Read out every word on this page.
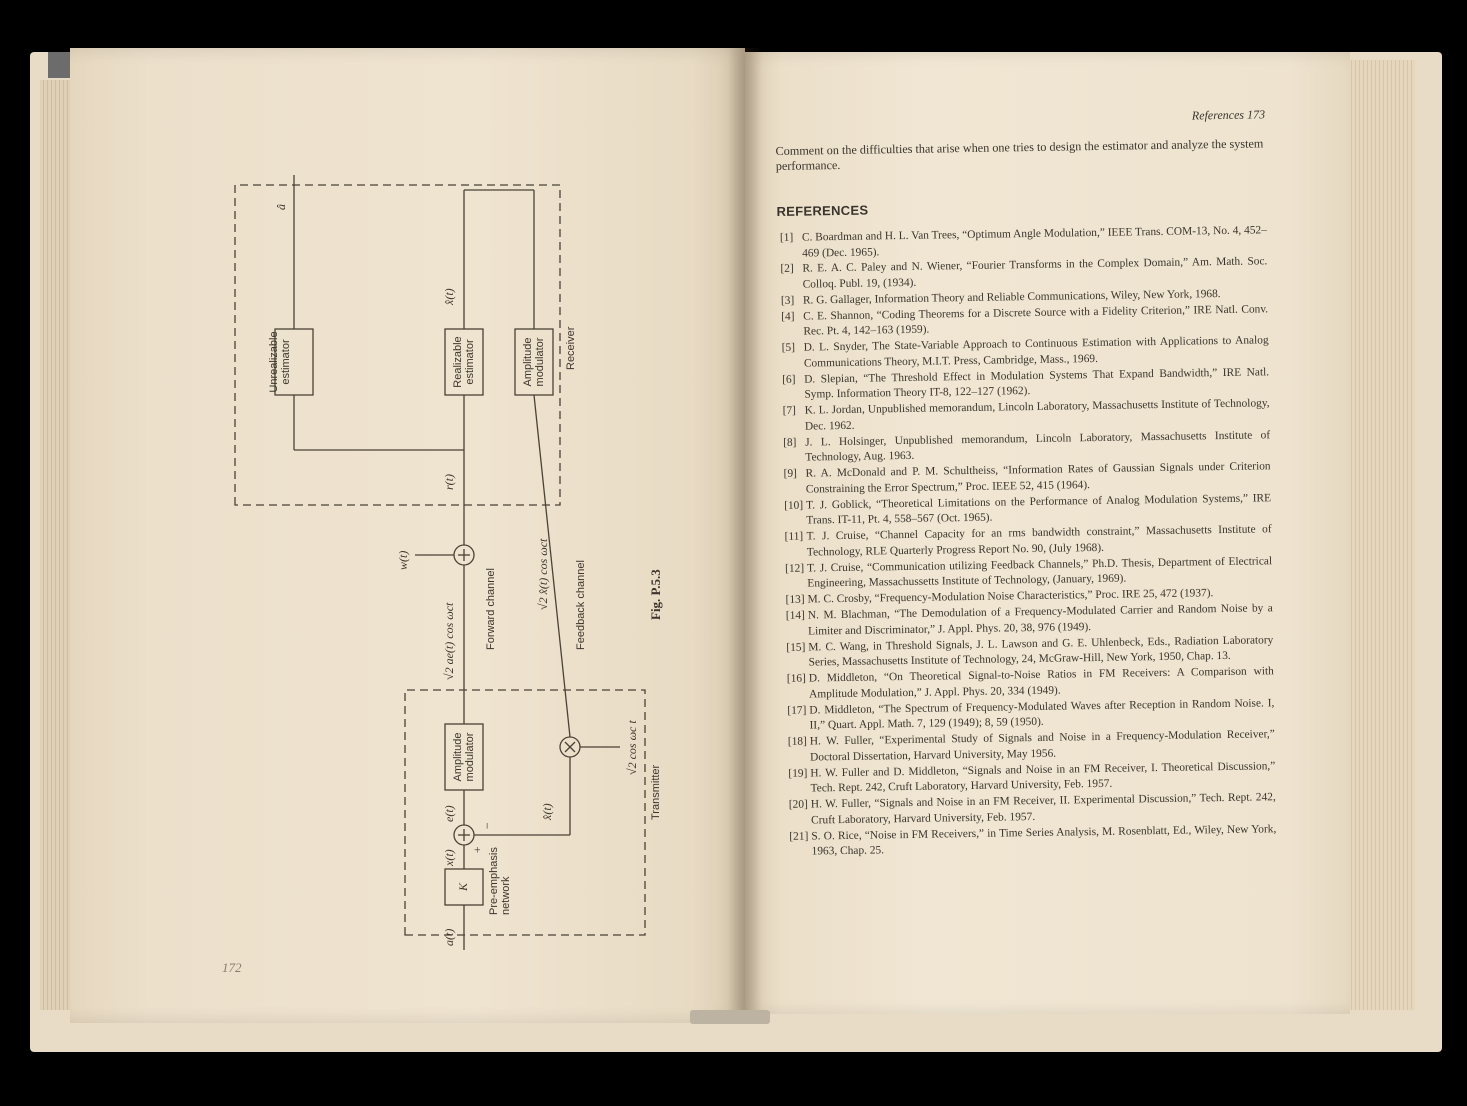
Unrealizable
estimator	Realizable
estimator	Amplitude
modulator
Amplitude
modulator
K Pre-emphasis
network
a(t)
x(t)
e(t)
+
−
x̂(t)
√2 cos ωc t
√2 ae(t) cos ωct
w(t)
r(t)
√2 x̂(t) cos ωct
x̂(t)
â
Forward channel	Feedback channel
Transmitter
Receiver
Fig. P.5.3
172
References 173
Comment on the difficulties that arise when one tries to design the estimator and analyze the system performance.
REFERENCES
[1] C. Boardman and H. L. Van Trees, “Optimum Angle Modulation,” IEEE Trans. COM-13, No. 4, 452–469 (Dec. 1965).
[2] R. E. A. C. Paley and N. Wiener, “Fourier Transforms in the Complex Domain,” Am. Math. Soc. Colloq. Publ. 19, (1934).
[3] R. G. Gallager, Information Theory and Reliable Communications, Wiley, New York, 1968.
[4] C. E. Shannon, “Coding Theorems for a Discrete Source with a Fidelity Criterion,” IRE Natl. Conv. Rec. Pt. 4, 142–163 (1959).
[5] D. L. Snyder, The State-Variable Approach to Continuous Estimation with Applications to Analog Communications Theory, M.I.T. Press, Cambridge, Mass., 1969.
[6] D. Slepian, “The Threshold Effect in Modulation Systems That Expand Bandwidth,” IRE Natl. Symp. Information Theory IT-8, 122–127 (1962).
[7] K. L. Jordan, Unpublished memorandum, Lincoln Laboratory, Massachusetts Institute of Technology, Dec. 1962.
[8] J. L. Holsinger, Unpublished memorandum, Lincoln Laboratory, Massachusetts Institute of Technology, Aug. 1963.
[9] R. A. McDonald and P. M. Schultheiss, “Information Rates of Gaussian Signals under Criterion Constraining the Error Spectrum,” Proc. IEEE 52, 415 (1964).
[10] T. J. Goblick, “Theoretical Limitations on the Performance of Analog Modulation Systems,” IRE Trans. IT-11, Pt. 4, 558–567 (Oct. 1965).
[11] T. J. Cruise, “Channel Capacity for an rms bandwidth constraint,” Massachusetts Institute of Technology, RLE Quarterly Progress Report No. 90, (July 1968).
[12] T. J. Cruise, “Communication utilizing Feedback Channels,” Ph.D. Thesis, Department of Electrical Engineering, Massachussetts Institute of Technology, (January, 1969).
[13] M. C. Crosby, “Frequency-Modulation Noise Characteristics,” Proc. IRE 25, 472 (1937).
[14] N. M. Blachman, “The Demodulation of a Frequency-Modulated Carrier and Random Noise by a Limiter and Discriminator,” J. Appl. Phys. 20, 38, 976 (1949).
[15] M. C. Wang, in Threshold Signals, J. L. Lawson and G. E. Uhlenbeck, Eds., Radiation Laboratory Series, Massachusetts Institute of Technology, 24, McGraw-Hill, New York, 1950, Chap. 13.
[16] D. Middleton, “On Theoretical Signal-to-Noise Ratios in FM Receivers: A Comparison with Amplitude Modulation,” J. Appl. Phys. 20, 334 (1949).
[17] D. Middleton, “The Spectrum of Frequency-Modulated Waves after Reception in Random Noise. I, II,” Quart. Appl. Math. 7, 129 (1949); 8, 59 (1950).
[18] H. W. Fuller, “Experimental Study of Signals and Noise in a Frequency-Modulation Receiver,” Doctoral Dissertation, Harvard University, May 1956.
[19] H. W. Fuller and D. Middleton, “Signals and Noise in an FM Receiver, I. Theoretical Discussion,” Tech. Rept. 242, Cruft Laboratory, Harvard University, Feb. 1957.
[20] H. W. Fuller, “Signals and Noise in an FM Receiver, II. Experimental Discussion,” Tech. Rept. 242, Cruft Laboratory, Harvard University, Feb. 1957.
[21] S. O. Rice, “Noise in FM Receivers,” in Time Series Analysis, M. Rosenblatt, Ed., Wiley, New York, 1963, Chap. 25.
